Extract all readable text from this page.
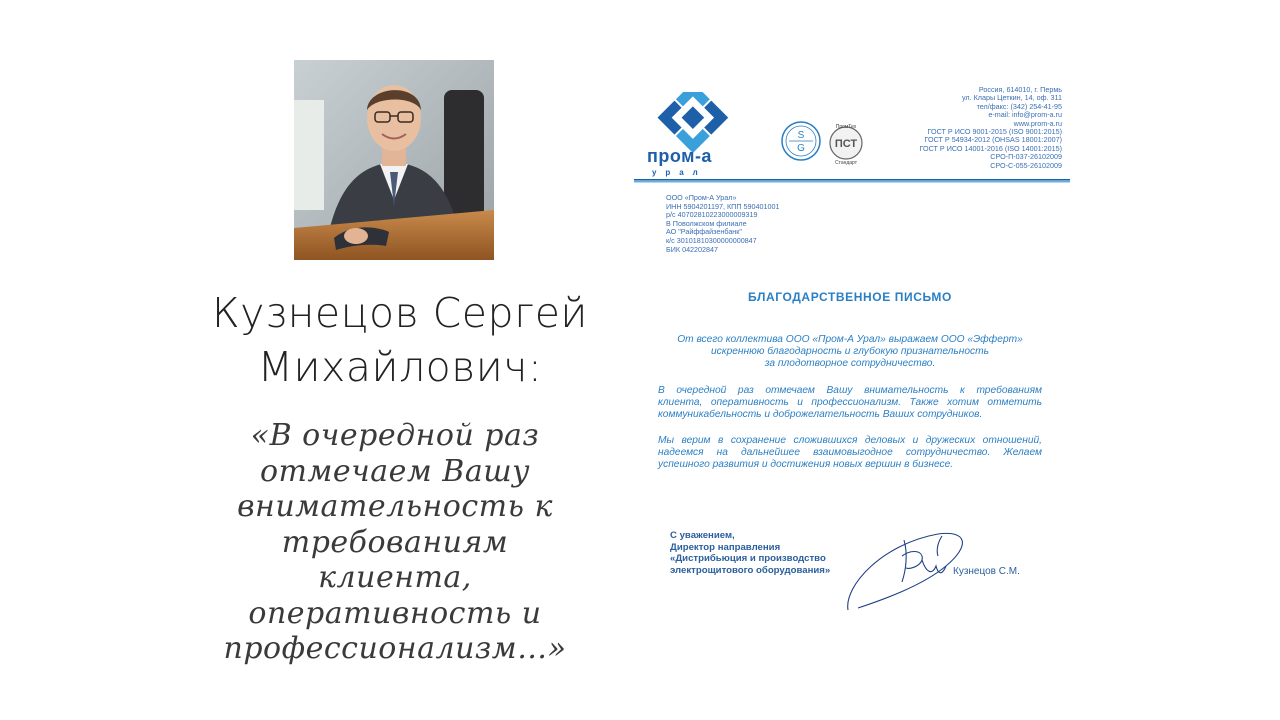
Кузнецов Сергей
Михайлович:
«В очередной раз
отмечаем Вашу
внимательность к
требованиям клиента,
оперативность и
профессионализм…»
пром-а
урал
S
G
ПромТех
ПСТ
Стандарт
Россия, 614010, г. Пермь
ул. Клары Цеткин, 14, оф. 311
тел/факс: (342) 254-41-95
e-mail: info@prom-a.ru
www.prom-a.ru
ГОСТ Р ИСО 9001-2015 (ISO 9001:2015)
ГОСТ Р 54934-2012 (OHSAS 18001:2007)
ГОСТ Р ИСО 14001-2016 (ISO 14001:2015)
СРО-П-037-26102009
СРО-С-055-26102009
ООО «Пром-А Урал»
ИНН 5904201197, КПП 590401001
р/с 40702810223000009319
В Поволжском филиале
АО "Райффайзенбанк"
к/с 30101810300000000847
БИК 042202847
БЛАГОДАРСТВЕННОЕ ПИСЬМО
От всего коллектива ООО «Пром-А Урал» выражаем ООО «Эфферт»
искреннюю благодарность и глубокую признательность
за плодотворное сотрудничество.
В очередной раз отмечаем Вашу внимательность к требованиям
клиента, оперативность и профессионализм. Также хотим отметить
коммуникабельность и доброжелательность Ваших сотрудников.
Мы верим в сохранение сложившихся деловых и дружеских отношений,
надеемся на дальнейшее взаимовыгодное сотрудничество. Желаем
успешного развития и достижения новых вершин в бизнесе.
С уважением,
Директор направления
«Дистрибьюция и производство
электрощитового оборудования»	Кузнецов С.М.
